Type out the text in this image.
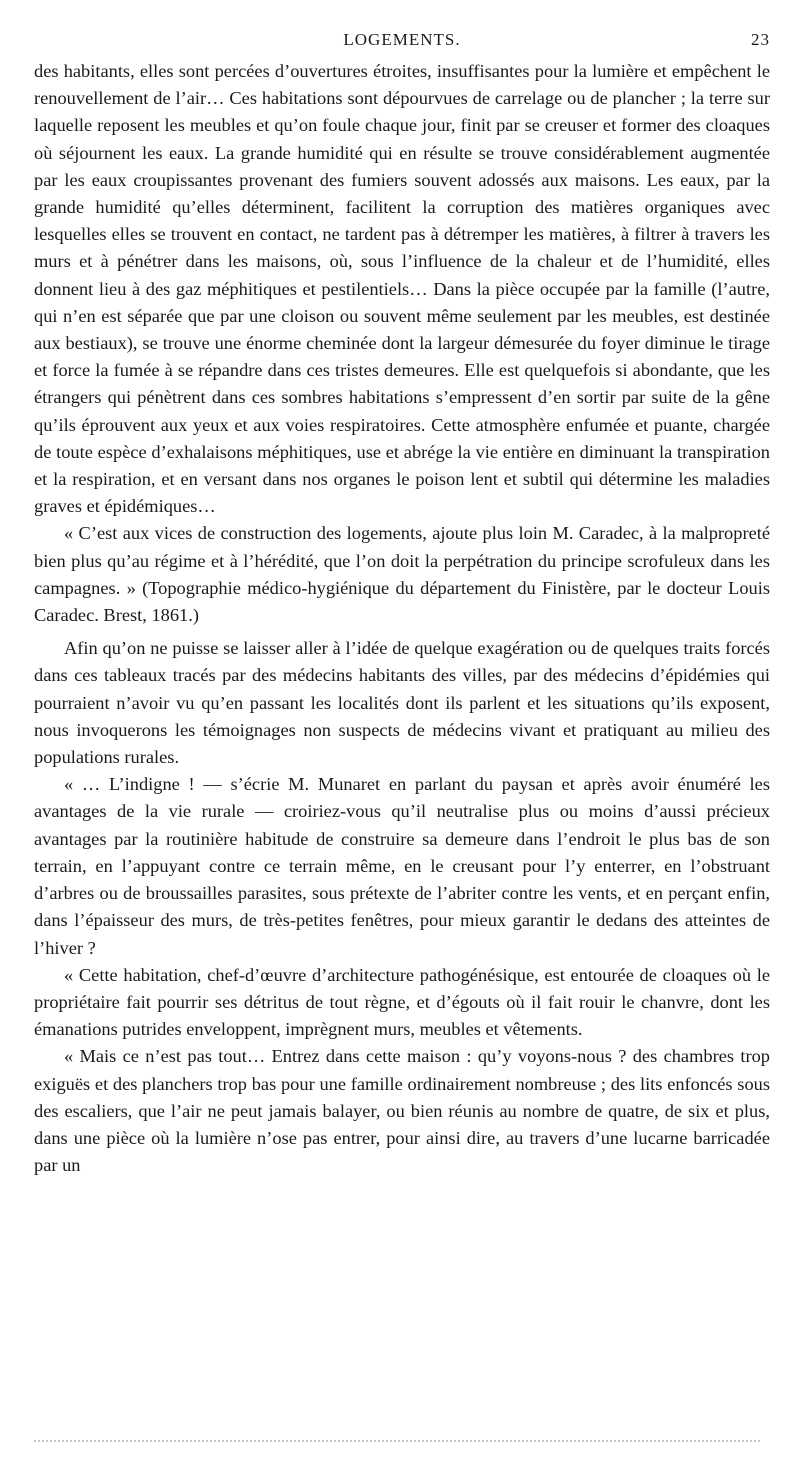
LOGEMENTS.	23

des habitants, elles sont percées d’ouvertures étroites, insuffisantes pour la lumière et empêchent le renouvellement de l’air… Ces habitations sont dépourvues de carrelage ou de plancher ; la terre sur laquelle reposent les meubles et qu’on foule chaque jour, finit par se creuser et former des cloaques où séjournent les eaux. La grande humidité qui en résulte se trouve considérablement augmentée par les eaux croupissantes provenant des fumiers souvent adossés aux maisons. Les eaux, par la grande humidité qu’elles déterminent, facilitent la corruption des matières organiques avec lesquelles elles se trouvent en contact, ne tardent pas à détremper les matières, à filtrer à travers les murs et à pénétrer dans les maisons, où, sous l’influence de la chaleur et de l’humidité, elles donnent lieu à des gaz méphitiques et pestilentiels… Dans la pièce occupée par la famille (l’autre, qui n’en est séparée que par une cloison ou souvent même seulement par les meubles, est destinée aux bestiaux), se trouve une énorme cheminée dont la largeur démesurée du foyer diminue le tirage et force la fumée à se répandre dans ces tristes demeures. Elle est quelquefois si abondante, que les étrangers qui pénètrent dans ces sombres habitations s’empressent d’en sortir par suite de la gêne qu’ils éprouvent aux yeux et aux voies respiratoires. Cette atmosphère enfumée et puante, chargée de toute espèce d’exhalaisons méphitiques, use et abrége la vie entière en diminuant la transpiration et la respiration, et en versant dans nos organes le poison lent et subtil qui détermine les maladies graves et épidémiques…

« C’est aux vices de construction des logements, ajoute plus loin M. Caradec, à la malpropreté bien plus qu’au régime et à l’hérédité, que l’on doit la perpétration du principe scrofuleux dans les campagnes. » (Topographie médico-hygiénique du département du Finistère, par le docteur Louis Caradec. Brest, 1861.)

Afin qu’on ne puisse se laisser aller à l’idée de quelque exagération ou de quelques traits forcés dans ces tableaux tracés par des médecins habitants des villes, par des médecins d’épidémies qui pourraient n’avoir vu qu’en passant les localités dont ils parlent et les situations qu’ils exposent, nous invoquerons les témoignages non suspects de médecins vivant et pratiquant au milieu des populations rurales.

« … L’indigne ! — s’écrie M. Munaret en parlant du paysan et après avoir énuméré les avantages de la vie rurale — croiriez-vous qu’il neutralise plus ou moins d’aussi précieux avantages par la routinière habitude de construire sa demeure dans l’endroit le plus bas de son terrain, en l’appuyant contre ce terrain même, en le creusant pour l’y enterrer, en l’obstruant d’arbres ou de broussailles parasites, sous prétexte de l’abriter contre les vents, et en perçant enfin, dans l’épaisseur des murs, de très-petites fenêtres, pour mieux garantir le dedans des atteintes de l’hiver ?

« Cette habitation, chef-d’œuvre d’architecture pathogénésique, est entourée de cloaques où le propriétaire fait pourrir ses détritus de tout règne, et d’égouts où il fait rouir le chanvre, dont les émanations putrides enveloppent, imprègnent murs, meubles et vêtements.

« Mais ce n’est pas tout… Entrez dans cette maison : qu’y voyons-nous ? des chambres trop exiguës et des planchers trop bas pour une famille ordinairement nombreuse ; des lits enfoncés sous des escaliers, que l’air ne peut jamais balayer, ou bien réunis au nombre de quatre, de six et plus, dans une pièce où la lumière n’ose pas entrer, pour ainsi dire, au travers d’une lucarne barricadée par un
